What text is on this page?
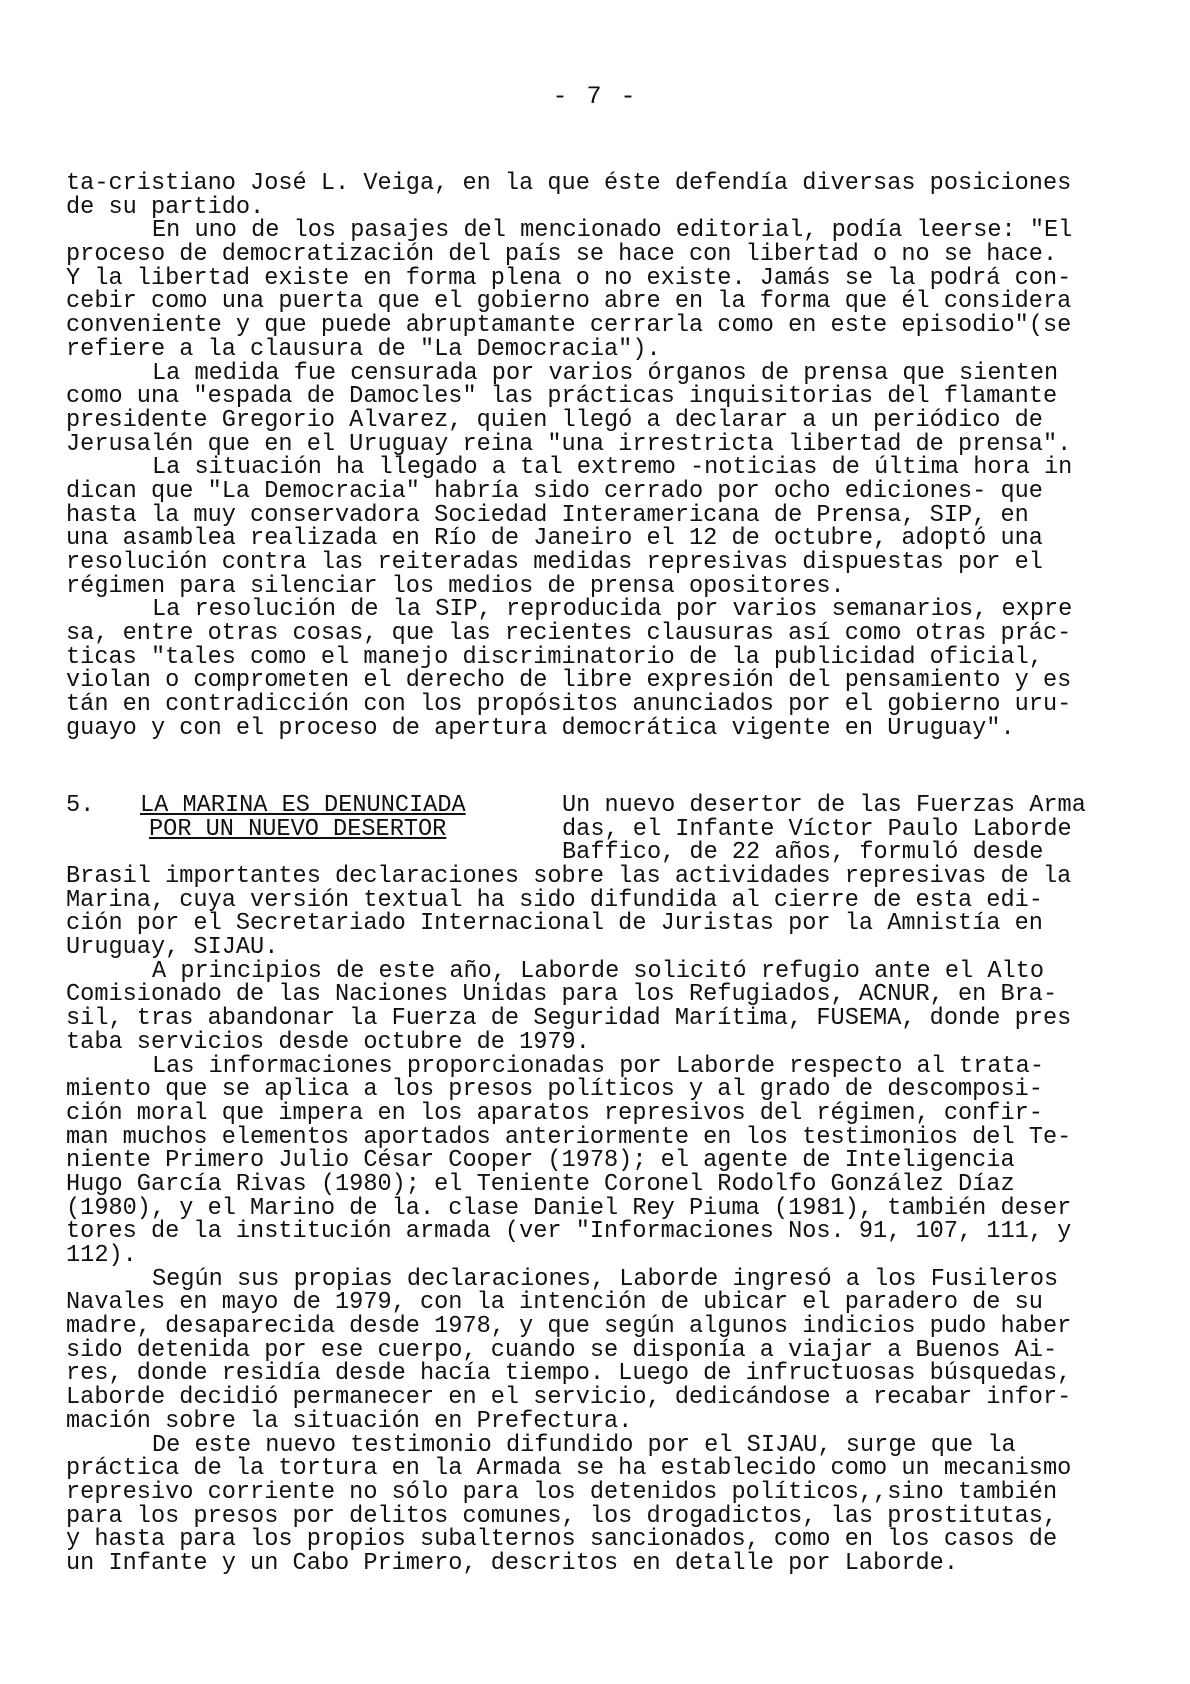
- 7 -
ta-cristiano José L. Veiga, en la que éste defendía diversas posiciones
de su partido.
En uno de los pasajes del mencionado editorial, podía leerse: "El
proceso de democratización del país se hace con libertad o no se hace.
Y la libertad existe en forma plena o no existe. Jamás se la podrá con-
cebir como una puerta que el gobierno abre en la forma que él considera
conveniente y que puede abruptamante cerrarla como en este episodio"(se
refiere a la clausura de "La Democracia").
La medida fue censurada por varios órganos de prensa que sienten
como una "espada de Damocles" las prácticas inquisitorias del flamante
presidente Gregorio Alvarez, quien llegó a declarar a un periódico de
Jerusalén que en el Uruguay reina "una irrestricta libertad de prensa".
La situación ha llegado a tal extremo -noticias de última hora in
dican que "La Democracia" habría sido cerrado por ocho ediciones- que
hasta la muy conservadora Sociedad Interamericana de Prensa, SIP, en
una asamblea realizada en Río de Janeiro el 12 de octubre, adoptó una
resolución contra las reiteradas medidas represivas dispuestas por el
régimen para silenciar los medios de prensa opositores.
La resolución de la SIP, reproducida por varios semanarios, expre
sa, entre otras cosas, que las recientes clausuras así como otras prác-
ticas "tales como el manejo discriminatorio de la publicidad oficial,
violan o comprometen el derecho de libre expresión del pensamiento y es
tán en contradicción con los propósitos anunciados por el gobierno uru-
guayo y con el proceso de apertura democrática vigente en Uruguay".
5. LA MARINA ES DENUNCIADA
POR UN NUEVO DESERTOR
Un nuevo desertor de las Fuerzas Arma
das, el Infante Víctor Paulo Laborde
Baffico, de 22 años, formuló desde
Brasil importantes declaraciones sobre las actividades represivas de la
Marina, cuya versión textual ha sido difundida al cierre de esta edi-
ción por el Secretariado Internacional de Juristas por la Amnistía en
Uruguay, SIJAU.
A principios de este año, Laborde solicitó refugio ante el Alto
Comisionado de las Naciones Unidas para los Refugiados, ACNUR, en Bra-
sil, tras abandonar la Fuerza de Seguridad Marítima, FUSEMA, donde pres
taba servicios desde octubre de 1979.
Las informaciones proporcionadas por Laborde respecto al trata-
miento que se aplica a los presos políticos y al grado de descomposi-
ción moral que impera en los aparatos represivos del régimen, confir-
man muchos elementos aportados anteriormente en los testimonios del Te-
niente Primero Julio César Cooper (1978); el agente de Inteligencia
Hugo García Rivas (1980); el Teniente Coronel Rodolfo González Díaz
(1980), y el Marino de la. clase Daniel Rey Piuma (1981), también deser
tores de la institución armada (ver "Informaciones Nos. 91, 107, 111, y
112).
Según sus propias declaraciones, Laborde ingresó a los Fusileros
Navales en mayo de 1979, con la intención de ubicar el paradero de su
madre, desaparecida desde 1978, y que según algunos indicios pudo haber
sido detenida por ese cuerpo, cuando se disponía a viajar a Buenos Ai-
res, donde residía desde hacía tiempo. Luego de infructuosas búsquedas,
Laborde decidió permanecer en el servicio, dedicándose a recabar infor-
mación sobre la situación en Prefectura.
De este nuevo testimonio difundido por el SIJAU, surge que la
práctica de la tortura en la Armada se ha establecido como un mecanismo
represivo corriente no sólo para los detenidos políticos,,sino también
para los presos por delitos comunes, los drogadictos, las prostitutas,
y hasta para los propios subalternos sancionados, como en los casos de
un Infante y un Cabo Primero, descritos en detalle por Laborde.
